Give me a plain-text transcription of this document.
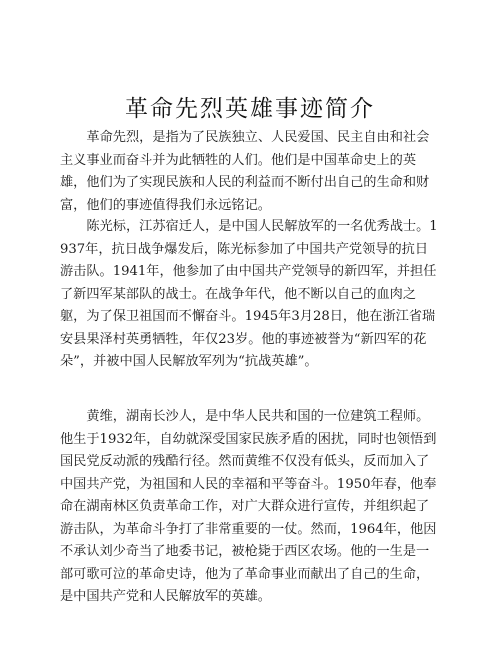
革命先烈英雄事迹简介

革命先烈，是指为了民族独立、人民爱国、民主自由和社会主义事业而奋斗并为此牺牲的人们。他们是中国革命史上的英雄，他们为了实现民族和人民的利益而不断付出自己的生命和财富，他们的事迹值得我们永远铭记。

陈光标，江苏宿迁人，是中国人民解放军的一名优秀战士。1937年，抗日战争爆发后，陈光标参加了中国共产党领导的抗日游击队。1941年，他参加了由中国共产党领导的新四军，并担任了新四军某部队的战士。在战争年代，他不断以自己的血肉之躯，为了保卫祖国而不懈奋斗。1945年3月28日，他在浙江省瑞安县果泽村英勇牺牲，年仅23岁。他的事迹被誉为“新四军的花朵”，并被中国人民解放军列为“抗战英雄”。

黄维，湖南长沙人，是中华人民共和国的一位建筑工程师。他生于1932年，自幼就深受国家民族矛盾的困扰，同时也领悟到国民党反动派的残酷行径。然而黄维不仅没有低头，反而加入了中国共产党，为祖国和人民的幸福和平等奋斗。1950年春，他奉命在湖南林区负责革命工作，对广大群众进行宣传，并组织起了游击队，为革命斗争打了非常重要的一仗。然而，1964年，他因不承认刘少奇当了地委书记，被枪毙于西区农场。他的一生是一部可歌可泣的革命史诗，他为了革命事业而献出了自己的生命，是中国共产党和人民解放军的英雄。
